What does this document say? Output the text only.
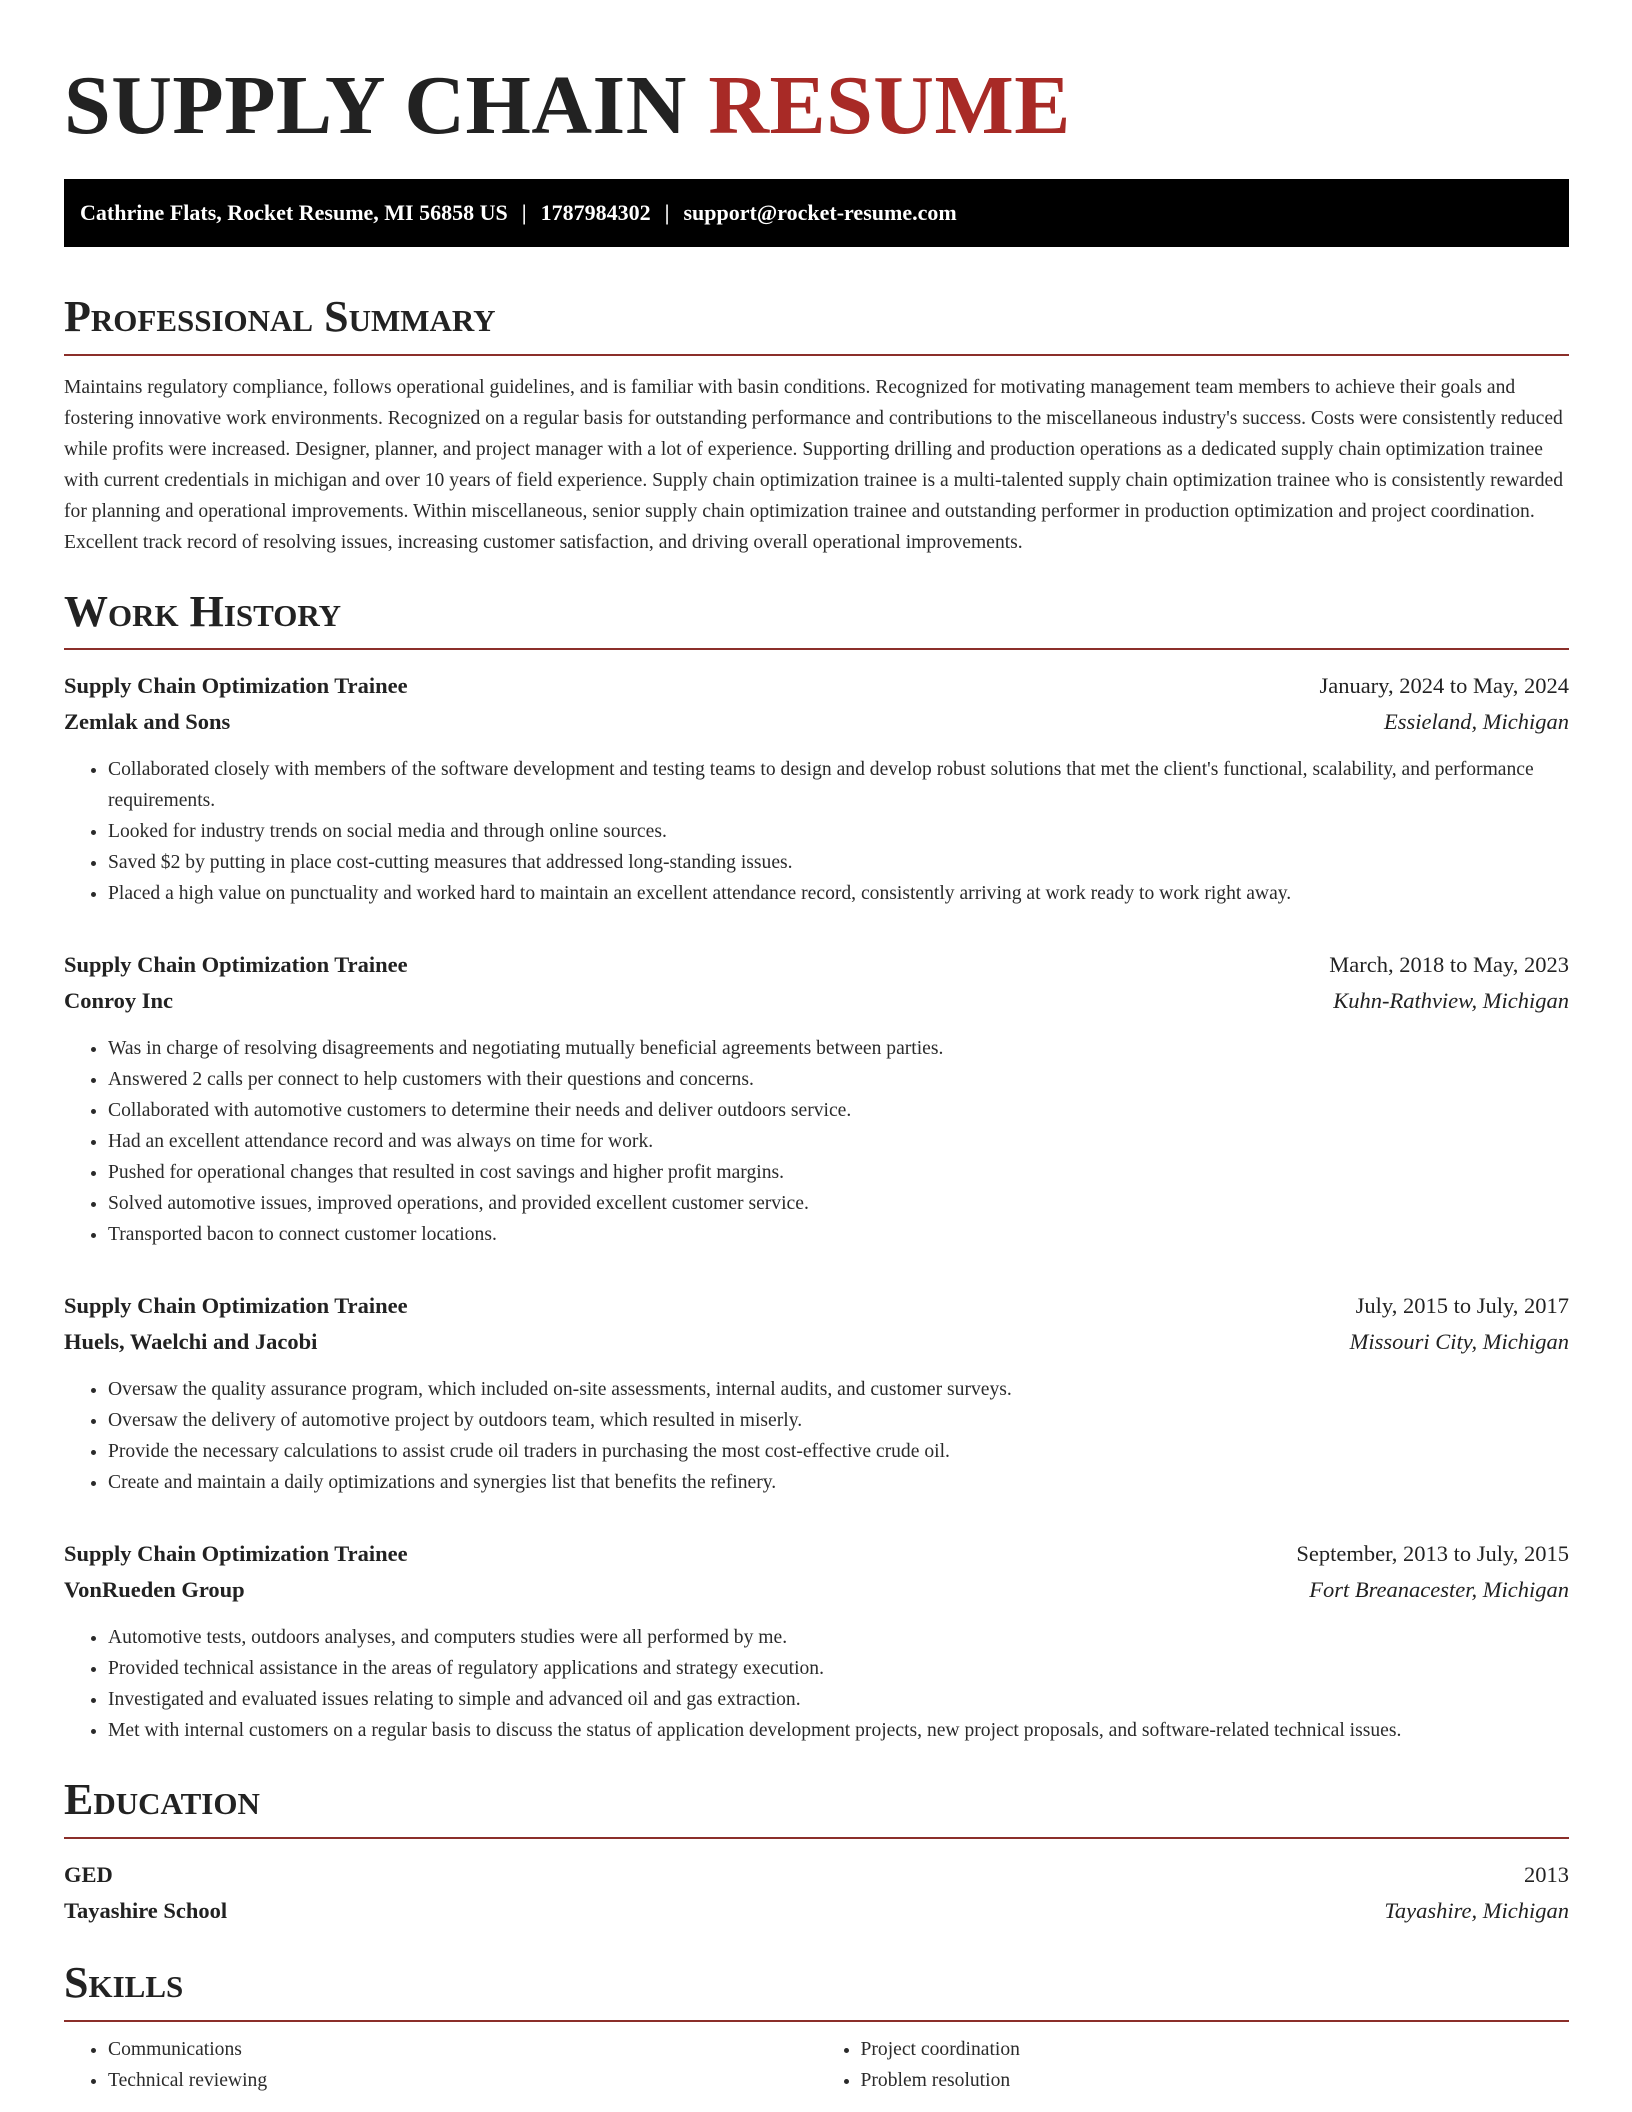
SUPPLY CHAIN RESUME
Cathrine Flats, Rocket Resume, MI 56858 US | 1787984302 | support@rocket-resume.com
Professional Summary

Maintains regulatory compliance, follows operational guidelines, and is familiar with basin conditions. Recognized for motivating management team members to achieve their goals and fostering innovative work environments. Recognized on a regular basis for outstanding performance and contributions to the miscellaneous industry's success. Costs were consistently reduced while profits were increased. Designer, planner, and project manager with a lot of experience. Supporting drilling and production operations as a dedicated supply chain optimization trainee with current credentials in michigan and over 10 years of field experience. Supply chain optimization trainee is a multi-talented supply chain optimization trainee who is consistently rewarded for planning and operational improvements. Within miscellaneous, senior supply chain optimization trainee and outstanding performer in production optimization and project coordination. Excellent track record of resolving issues, increasing customer satisfaction, and driving overall operational improvements.

Work History
Supply Chain Optimization Trainee	January, 2024 to May, 2024
Zemlak and Sons	Essieland, Michigan
• Collaborated closely with members of the software development and testing teams to design and develop robust solutions that met the client's functional, scalability, and performance requirements.
• Looked for industry trends on social media and through online sources.
• Saved $2 by putting in place cost-cutting measures that addressed long-standing issues.
• Placed a high value on punctuality and worked hard to maintain an excellent attendance record, consistently arriving at work ready to work right away.
Supply Chain Optimization Trainee	March, 2018 to May, 2023
Conroy Inc	Kuhn-Rathview, Michigan
• Was in charge of resolving disagreements and negotiating mutually beneficial agreements between parties.
• Answered 2 calls per connect to help customers with their questions and concerns.
• Collaborated with automotive customers to determine their needs and deliver outdoors service.
• Had an excellent attendance record and was always on time for work.
• Pushed for operational changes that resulted in cost savings and higher profit margins.
• Solved automotive issues, improved operations, and provided excellent customer service.
• Transported bacon to connect customer locations.
Supply Chain Optimization Trainee	July, 2015 to July, 2017
Huels, Waelchi and Jacobi	Missouri City, Michigan
• Oversaw the quality assurance program, which included on-site assessments, internal audits, and customer surveys.
• Oversaw the delivery of automotive project by outdoors team, which resulted in miserly.
• Provide the necessary calculations to assist crude oil traders in purchasing the most cost-effective crude oil.
• Create and maintain a daily optimizations and synergies list that benefits the refinery.
Supply Chain Optimization Trainee	September, 2013 to July, 2015
VonRueden Group	Fort Breanacester, Michigan
• Automotive tests, outdoors analyses, and computers studies were all performed by me.
• Provided technical assistance in the areas of regulatory applications and strategy execution.
• Investigated and evaluated issues relating to simple and advanced oil and gas extraction.
• Met with internal customers on a regular basis to discuss the status of application development projects, new project proposals, and software-related technical issues.
Education
GED	2013
Tayashire School	Tayashire, Michigan
Skills
• Communications
• Technical reviewing
• Project coordination
• Problem resolution
